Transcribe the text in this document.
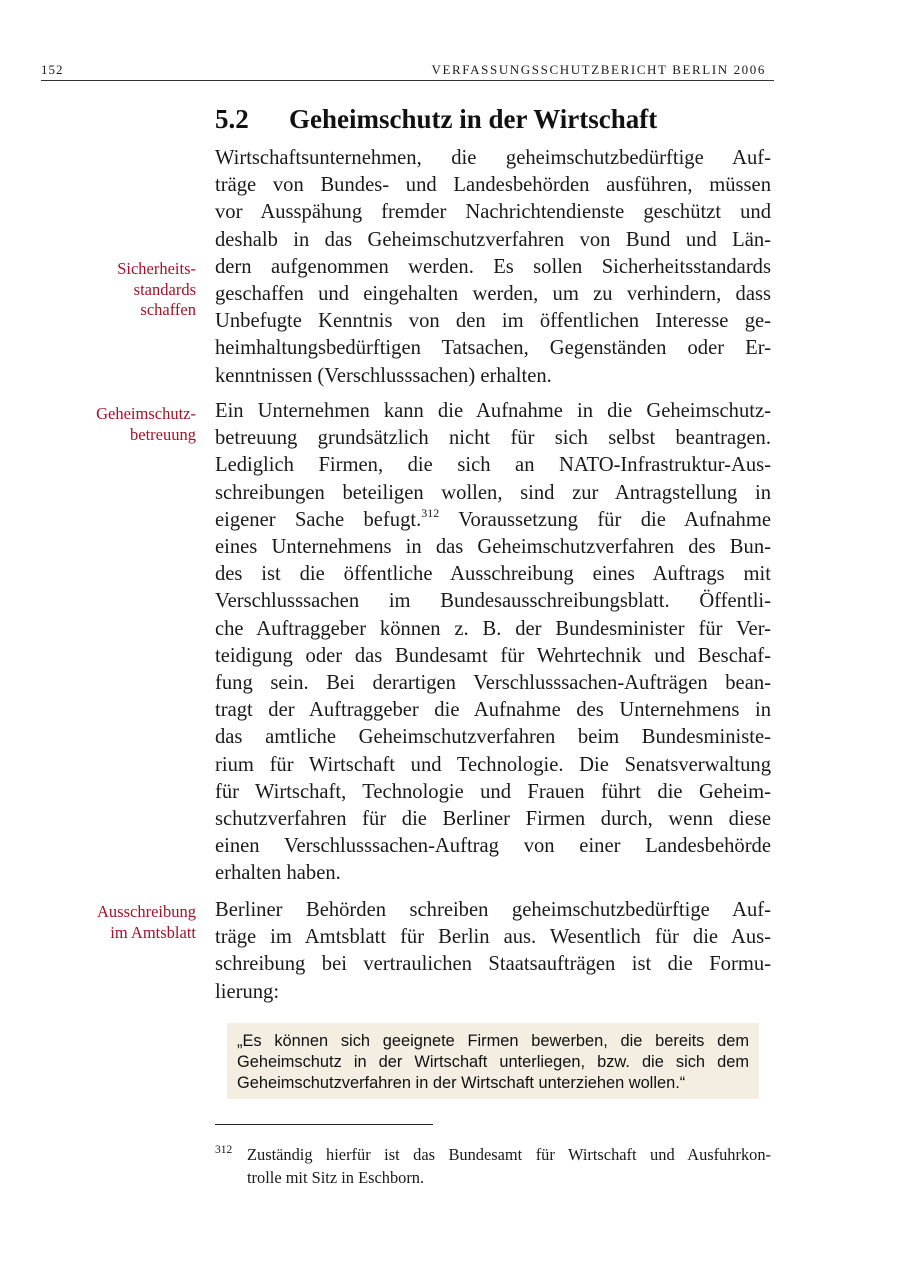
152	VERFASSUNGSSCHUTZBERICHT BERLIN 2006
5.2 Geheimschutz in der Wirtschaft
Sicherheits-
standards
schaffen
Geheimschutz-
betreuung
Ausschreibung
im Amtsblatt
Wirtschaftsunternehmen, die geheimschutzbedürftige Auf-
träge von Bundes- und Landesbehörden ausführen, müssen
vor Ausspähung fremder Nachrichtendienste geschützt und
deshalb in das Geheimschutzverfahren von Bund und Län-
dern aufgenommen werden. Es sollen Sicherheitsstandards
geschaffen und eingehalten werden, um zu verhindern, dass
Unbefugte Kenntnis von den im öffentlichen Interesse ge-
heimhaltungsbedürftigen Tatsachen, Gegenständen oder Er-
kenntnissen (Verschlusssachen) erhalten.
Ein Unternehmen kann die Aufnahme in die Geheimschutz-
betreuung grundsätzlich nicht für sich selbst beantragen.
Lediglich Firmen, die sich an NATO-Infrastruktur-Aus-
schreibungen beteiligen wollen, sind zur Antragstellung in
eigener Sache befugt.$^{312}$ Voraussetzung für die Aufnahme
eines Unternehmens in das Geheimschutzverfahren des Bun-
des ist die öffentliche Ausschreibung eines Auftrags mit
Verschlusssachen im Bundesausschreibungsblatt. Öffentli-
che Auftraggeber können z. B. der Bundesminister für Ver-
teidigung oder das Bundesamt für Wehrtechnik und Beschaf-
fung sein. Bei derartigen Verschlusssachen-Aufträgen bean-
tragt der Auftraggeber die Aufnahme des Unternehmens in
das amtliche Geheimschutzverfahren beim Bundesministe-
rium für Wirtschaft und Technologie. Die Senatsverwaltung
für Wirtschaft, Technologie und Frauen führt die Geheim-
schutzverfahren für die Berliner Firmen durch, wenn diese
einen Verschlusssachen-Auftrag von einer Landesbehörde
erhalten haben.
Berliner Behörden schreiben geheimschutzbedürftige Auf-
träge im Amtsblatt für Berlin aus. Wesentlich für die Aus-
schreibung bei vertraulichen Staatsaufträgen ist die Formu-
lierung:
„Es können sich geeignete Firmen bewerben, die bereits dem
Geheimschutz in der Wirtschaft unterliegen, bzw. die sich dem
Geheimschutzverfahren in der Wirtschaft unterziehen wollen.“
312 Zuständig hierfür ist das Bundesamt für Wirtschaft und Ausfuhrkon-
trolle mit Sitz in Eschborn.
